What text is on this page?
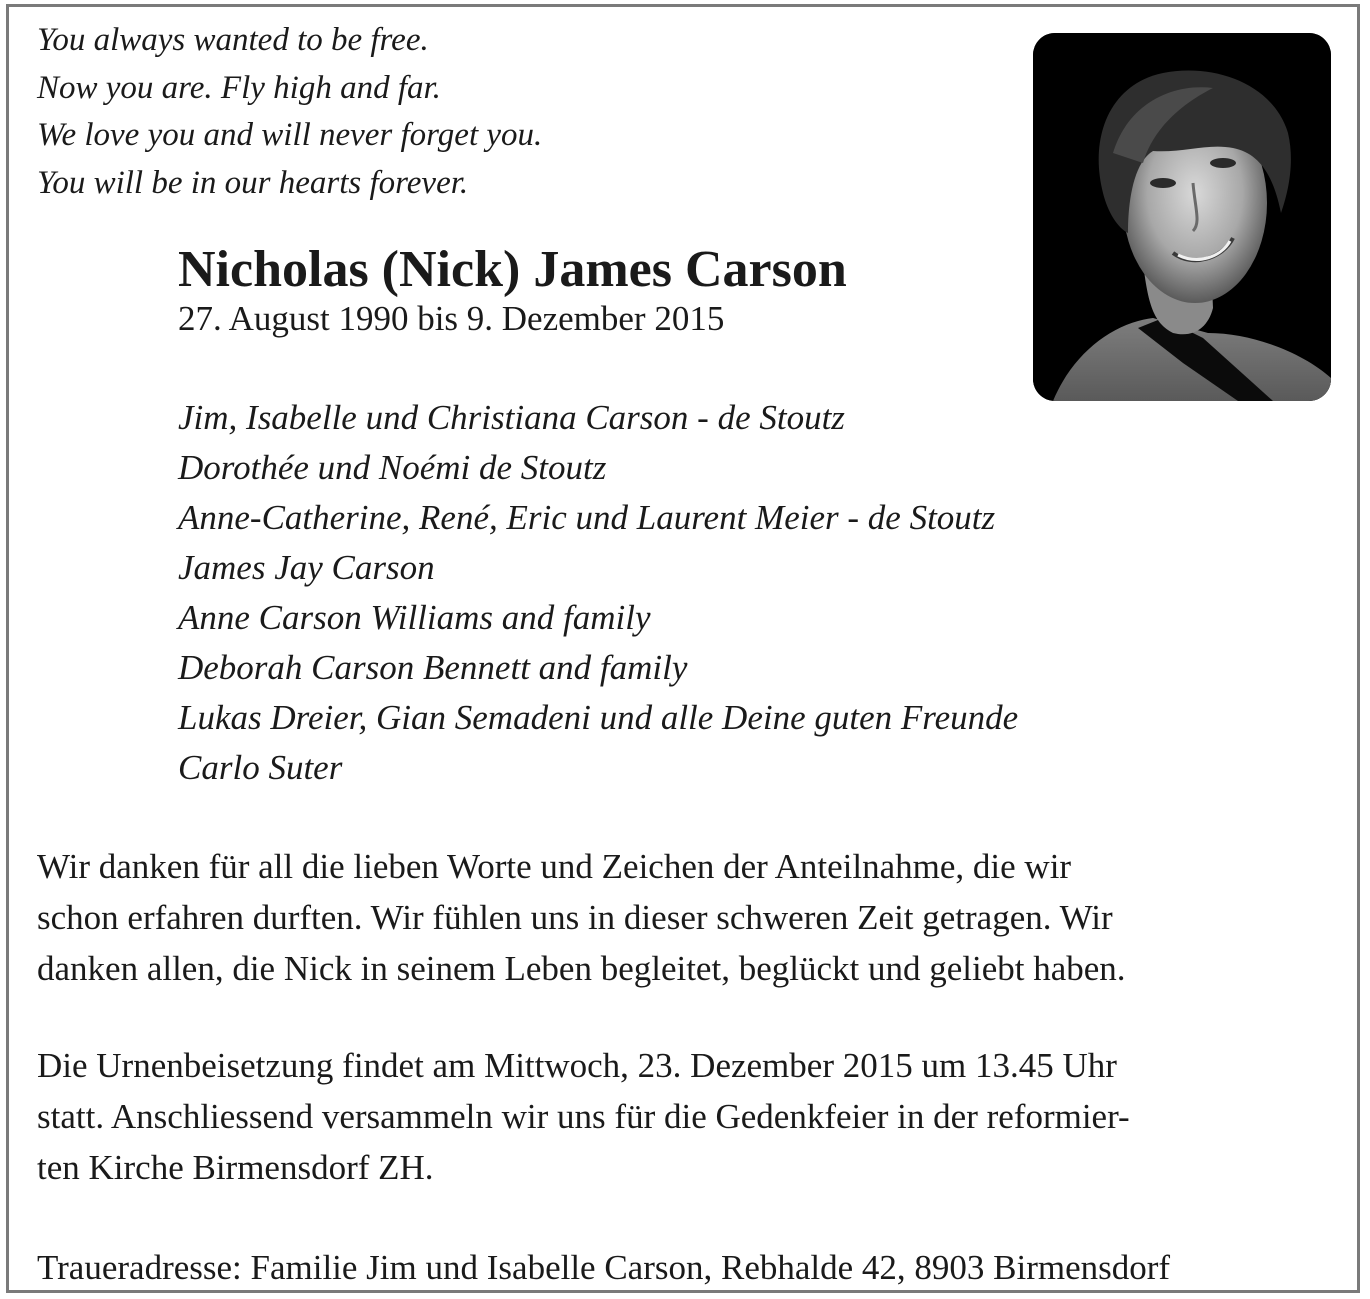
You always wanted to be free.
Now you are. Fly high and far.
We love you and will never forget you.
You will be in our hearts forever.
Nicholas (Nick) James Carson
27. August 1990 bis 9. Dezember 2015
Jim, Isabelle und Christiana Carson - de Stoutz
Dorothée und Noémi de Stoutz
Anne-Catherine, René, Eric und Laurent Meier - de Stoutz
James Jay Carson
Anne Carson Williams and family
Deborah Carson Bennett and family
Lukas Dreier, Gian Semadeni und alle Deine guten Freunde
Carlo Suter
Wir danken für all die lieben Worte und Zeichen der Anteilnahme, die wir
schon erfahren durften. Wir fühlen uns in dieser schweren Zeit getragen. Wir
danken allen, die Nick in seinem Leben begleitet, beglückt und geliebt haben.
Die Urnenbeisetzung findet am Mittwoch, 23. Dezember 2015 um 13.45 Uhr
statt. Anschliessend versammeln wir uns für die Gedenkfeier in der reformier-
ten Kirche Birmensdorf ZH.
Traueradresse: Familie Jim und Isabelle Carson, Rebhalde 42, 8903 Birmensdorf
